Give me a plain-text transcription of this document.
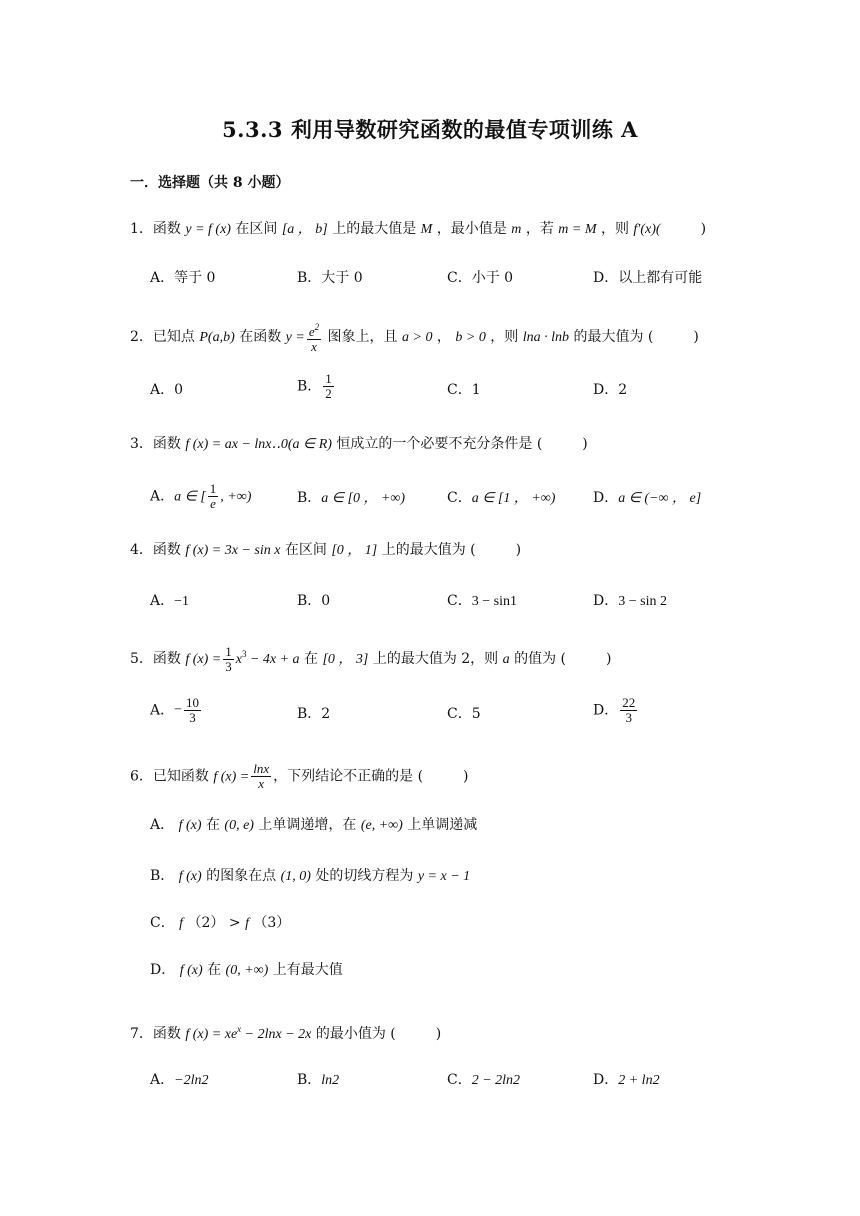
5.3.3 利用导数研究函数的最值专项训练 A
一．选择题（共 8 小题）
1．函数 y = f (x) 在区间 [a ， b] 上的最大值是 M ，最小值是 m ，若 m = M ，则 f′(x)(	)
A．等于 0	B．大于 0	C．小于 0	D．以上都有可能
2．已知点 P(a,b) 在函数 $y = \frac{e^2}{x}$ 图象上，且 a > 0 ， b > 0 ，则 lna · lnb 的最大值为 (	)
A．0	B． $\frac{1}{2}$	C．1	D．2
3．函数 f (x) = ax − lnx‥0(a ∈ R) 恒成立的一个必要不充分条件是 (	)
A．a ∈ [ $\frac{1}{e}$ , +∞)	B．a ∈ [0 ， +∞)	C．a ∈ [1 ， +∞)	D．a ∈ (−∞ ， e]
4．函数 f (x) = 3x − sin x 在区间 [0 ， 1] 上的最大值为 (	)
A．−1	B．0	C．3 − sin1	D．3 − sin 2
5．函数 f $(x) = \frac{1}{3} x^3 - 4x + a$ 在 [0 ， 3] 上的最大值为 2，则 a 的值为 (	)
A．− $\frac{10}{3}$	B．2	C．5	D． $\frac{22}{3}$
6．已知函数 f $(x) = \frac{\ln x}{x}$ ，下列结论不正确的是 (	)
A． f (x) 在 (0, e) 上单调递增，在 (e, +∞) 上单调递减
B． f (x) 的图象在点 (1, 0) 处的切线方程为 y = x − 1
C． f （2） > f （3）
D． f (x) 在 (0, +∞) 上有最大值
7．函数 f $(x) = xe^x - 2\ln x - 2x$ 的最小值为 (	)
A．−2ln2	B．ln2	C．2 − 2ln2	D．2 + ln2
